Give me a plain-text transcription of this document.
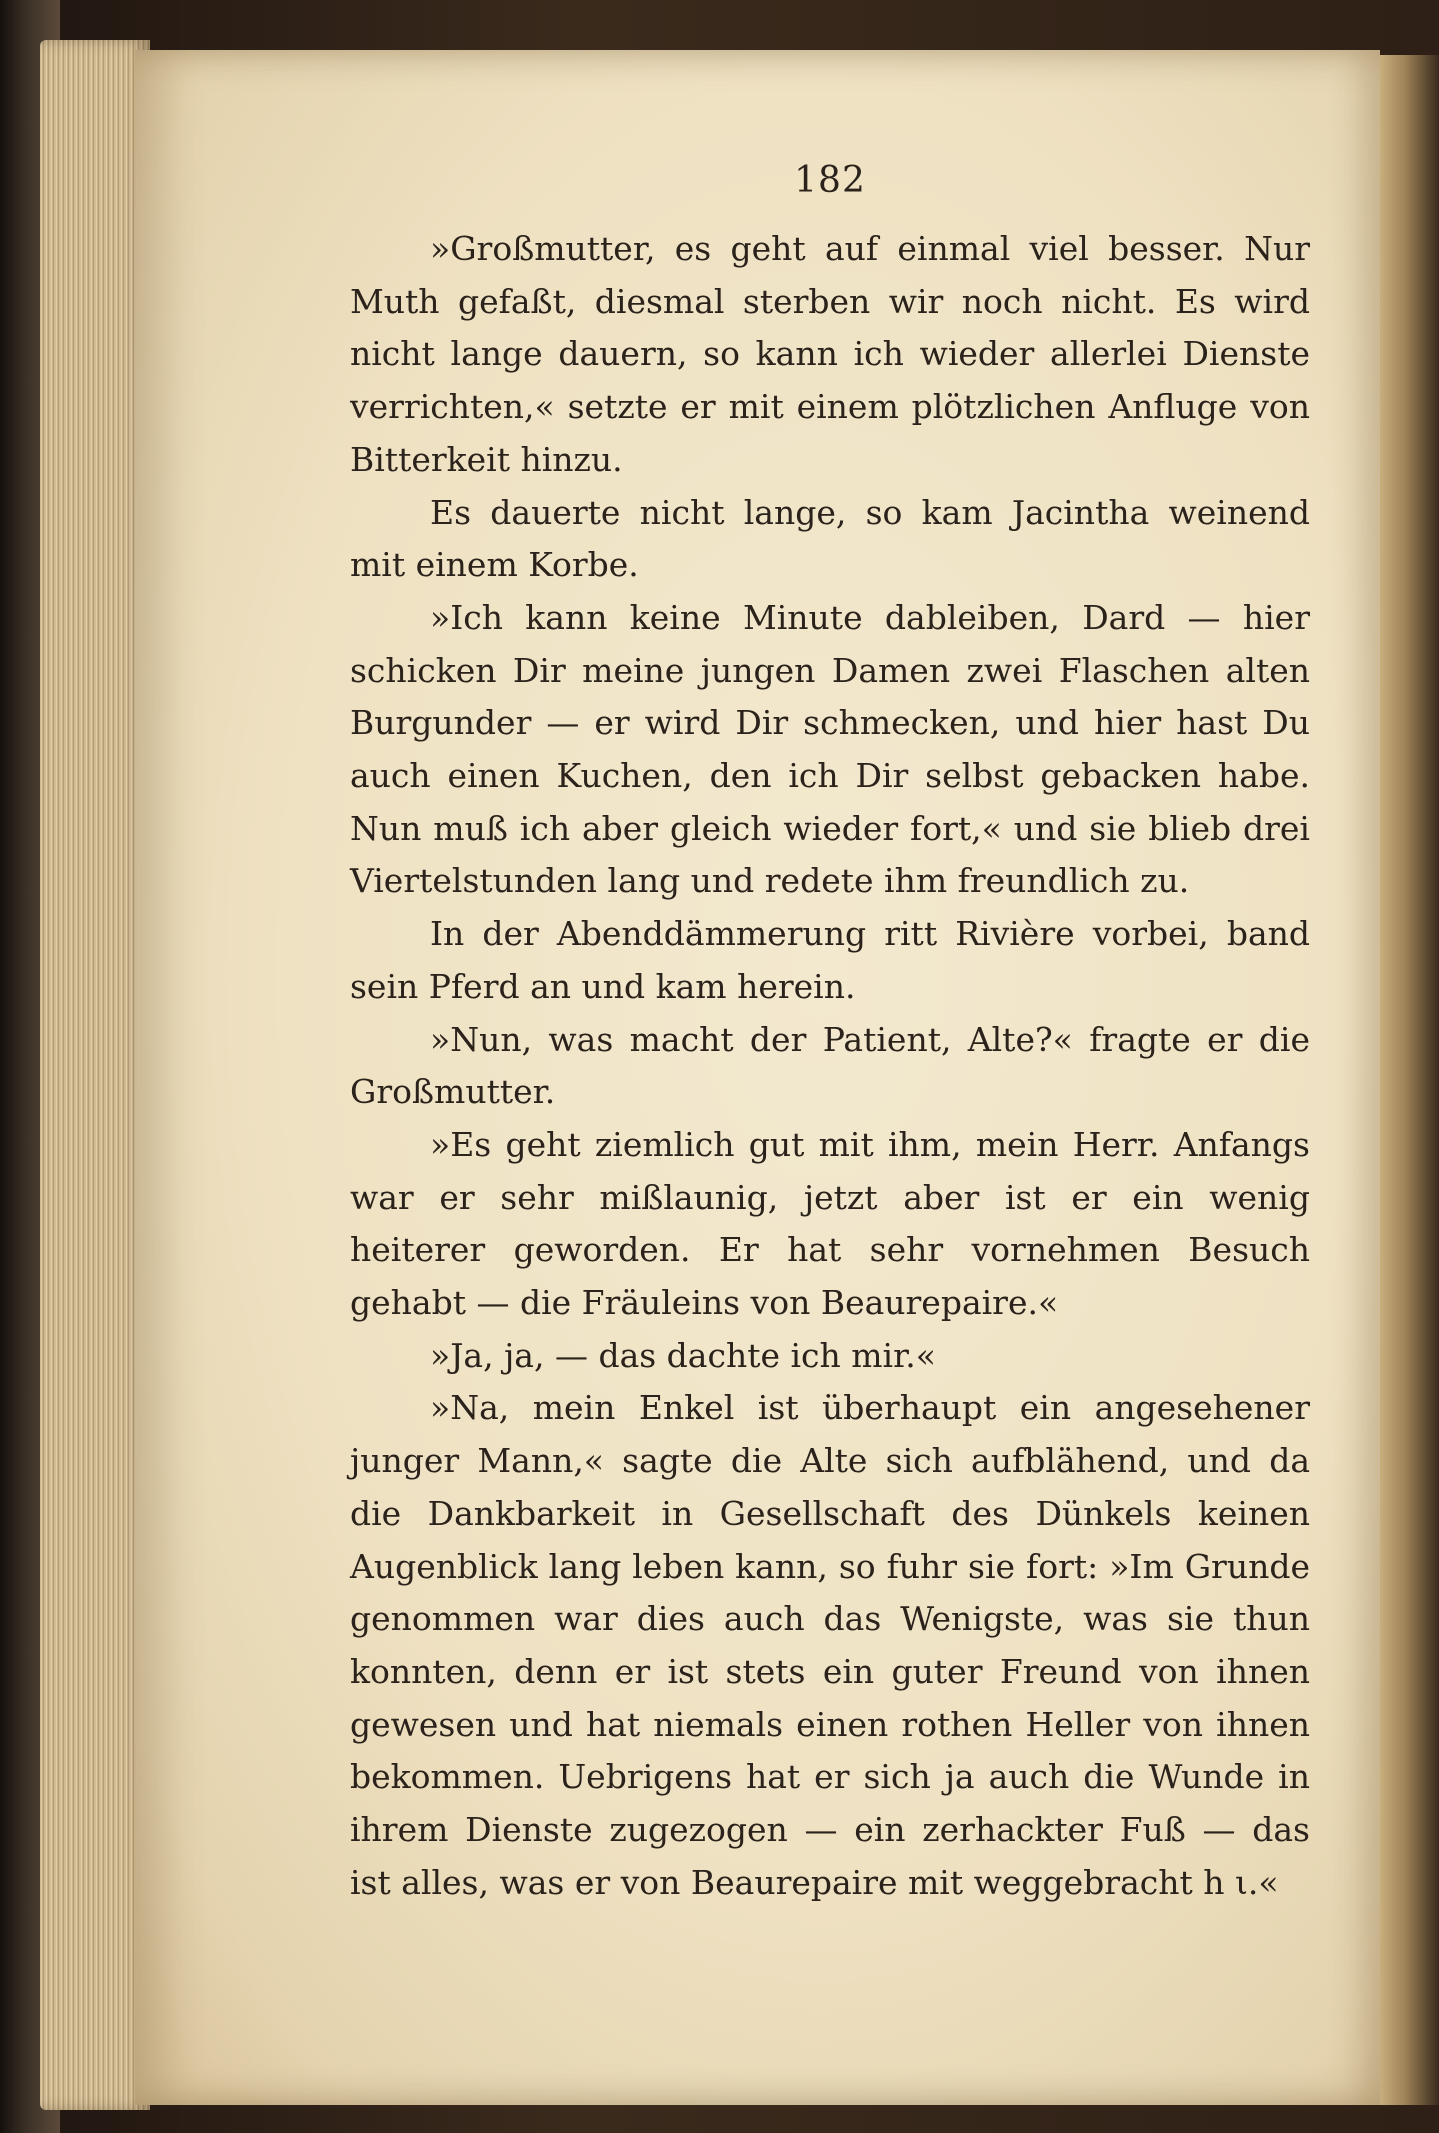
182

»Großmutter, es geht auf einmal viel besser. Nur Muth gefaßt, diesmal sterben wir noch nicht. Es wird nicht lange dauern, so kann ich wieder allerlei Dienste verrichten,« setzte er mit einem plötzlichen Anfluge von Bitterkeit hinzu.

Es dauerte nicht lange, so kam Jacintha weinend mit einem Korbe.

»Ich kann keine Minute dableiben, Dard — hier schicken Dir meine jungen Damen zwei Flaschen alten Burgunder — er wird Dir schmecken, und hier hast Du auch einen Kuchen, den ich Dir selbst gebacken habe. Nun muß ich aber gleich wieder fort,« und sie blieb drei Viertelstunden lang und redete ihm freundlich zu.

In der Abenddämmerung ritt Rivière vorbei, band sein Pferd an und kam herein.

»Nun, was macht der Patient, Alte?« fragte er die Großmutter.

»Es geht ziemlich gut mit ihm, mein Herr. Anfangs war er sehr mißlaunig, jetzt aber ist er ein wenig heiterer geworden. Er hat sehr vornehmen Besuch gehabt — die Fräuleins von Beaurepaire.«

»Ja, ja, — das dachte ich mir.«

»Na, mein Enkel ist überhaupt ein angesehener junger Mann,« sagte die Alte sich aufblähend, und da die Dankbarkeit in Gesellschaft des Dünkels keinen Augenblick lang leben kann, so fuhr sie fort: »Im Grunde genommen war dies auch das Wenigste, was sie thun konnten, denn er ist stets ein guter Freund von ihnen gewesen und hat niemals einen rothen Heller von ihnen bekommen. Uebrigens hat er sich ja auch die Wunde in ihrem Dienste zugezogen — ein zerhackter Fuß — das ist alles, was er von Beaurepaire mit weggebracht h ι.«
